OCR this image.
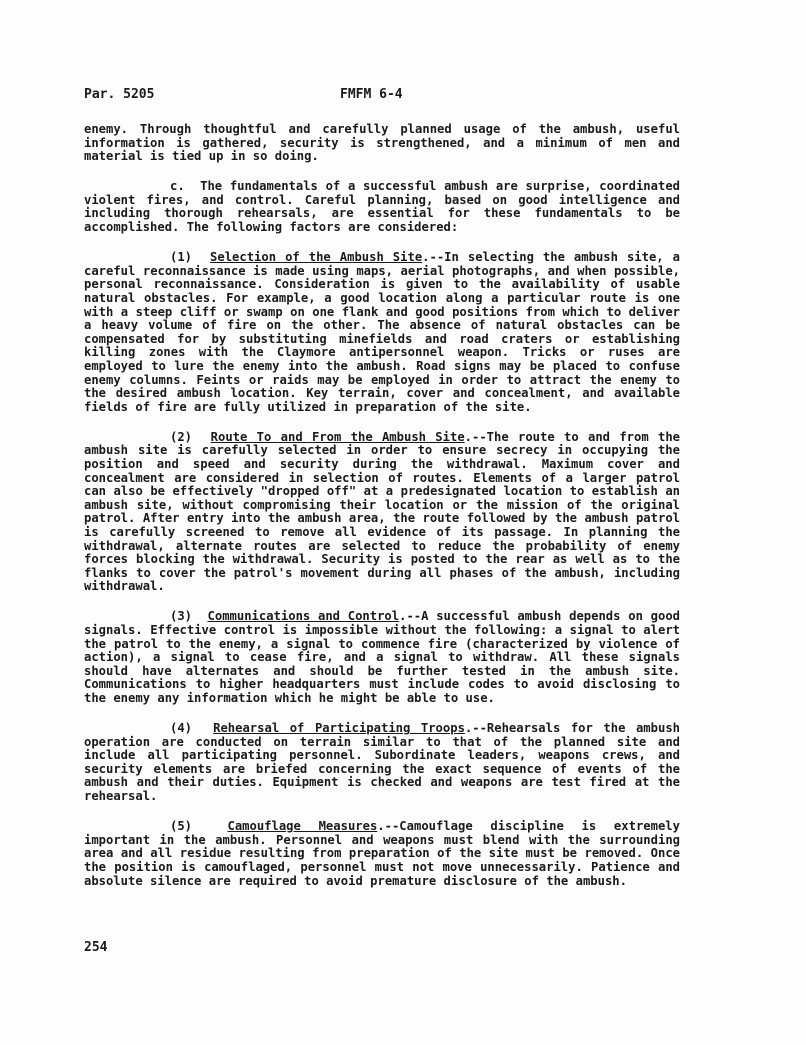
Par. 5205	FMFM 6-4

enemy. Through thoughtful and carefully planned usage of the ambush, useful information is gathered, security is strengthened, and a minimum of men and material is tied up in so doing.

c. The fundamentals of a successful ambush are surprise, coordinated violent fires, and control. Careful planning, based on good intelligence and including thorough rehearsals, are essential for these fundamentals to be accomplished. The following factors are considered:

(1) Selection of the Ambush Site.--In selecting the ambush site, a careful reconnaissance is made using maps, aerial photographs, and when possible, personal reconnaissance. Consideration is given to the availability of usable natural obstacles. For example, a good location along a particular route is one with a steep cliff or swamp on one flank and good positions from which to deliver a heavy volume of fire on the other. The absence of natural obstacles can be compensated for by substituting minefields and road craters or establishing killing zones with the Claymore antipersonnel weapon. Tricks or ruses are employed to lure the enemy into the ambush. Road signs may be placed to confuse enemy columns. Feints or raids may be employed in order to attract the enemy to the desired ambush location. Key terrain, cover and concealment, and available fields of fire are fully utilized in preparation of the site.

(2) Route To and From the Ambush Site.--The route to and from the ambush site is carefully selected in order to ensure secrecy in occupying the position and speed and security during the withdrawal. Maximum cover and concealment are considered in selection of routes. Elements of a larger patrol can also be effectively "dropped off" at a predesignated location to establish an ambush site, without compromising their location or the mission of the original patrol. After entry into the ambush area, the route followed by the ambush patrol is carefully screened to remove all evidence of its passage. In planning the withdrawal, alternate routes are selected to reduce the probability of enemy forces blocking the withdrawal. Security is posted to the rear as well as to the flanks to cover the patrol's movement during all phases of the ambush, including withdrawal.

(3) Communications and Control.--A successful ambush depends on good signals. Effective control is impossible without the following: a signal to alert the patrol to the enemy, a signal to commence fire (characterized by violence of action), a signal to cease fire, and a signal to withdraw. All these signals should have alternates and should be further tested in the ambush site. Communications to higher headquarters must include codes to avoid disclosing to the enemy any information which he might be able to use.

(4) Rehearsal of Participating Troops.--Rehearsals for the ambush operation are conducted on terrain similar to that of the planned site and include all participating personnel. Subordinate leaders, weapons crews, and security elements are briefed concerning the exact sequence of events of the ambush and their duties. Equipment is checked and weapons are test fired at the rehearsal.

(5)	Camouflage Measures.--Camouflage discipline is extremely important in the ambush. Personnel and weapons must blend with the surrounding area and all residue resulting from preparation of the site must be removed. Once the position is camouflaged, personnel must not move unnecessarily. Patience and absolute silence are required to avoid premature disclosure of the ambush.

254
